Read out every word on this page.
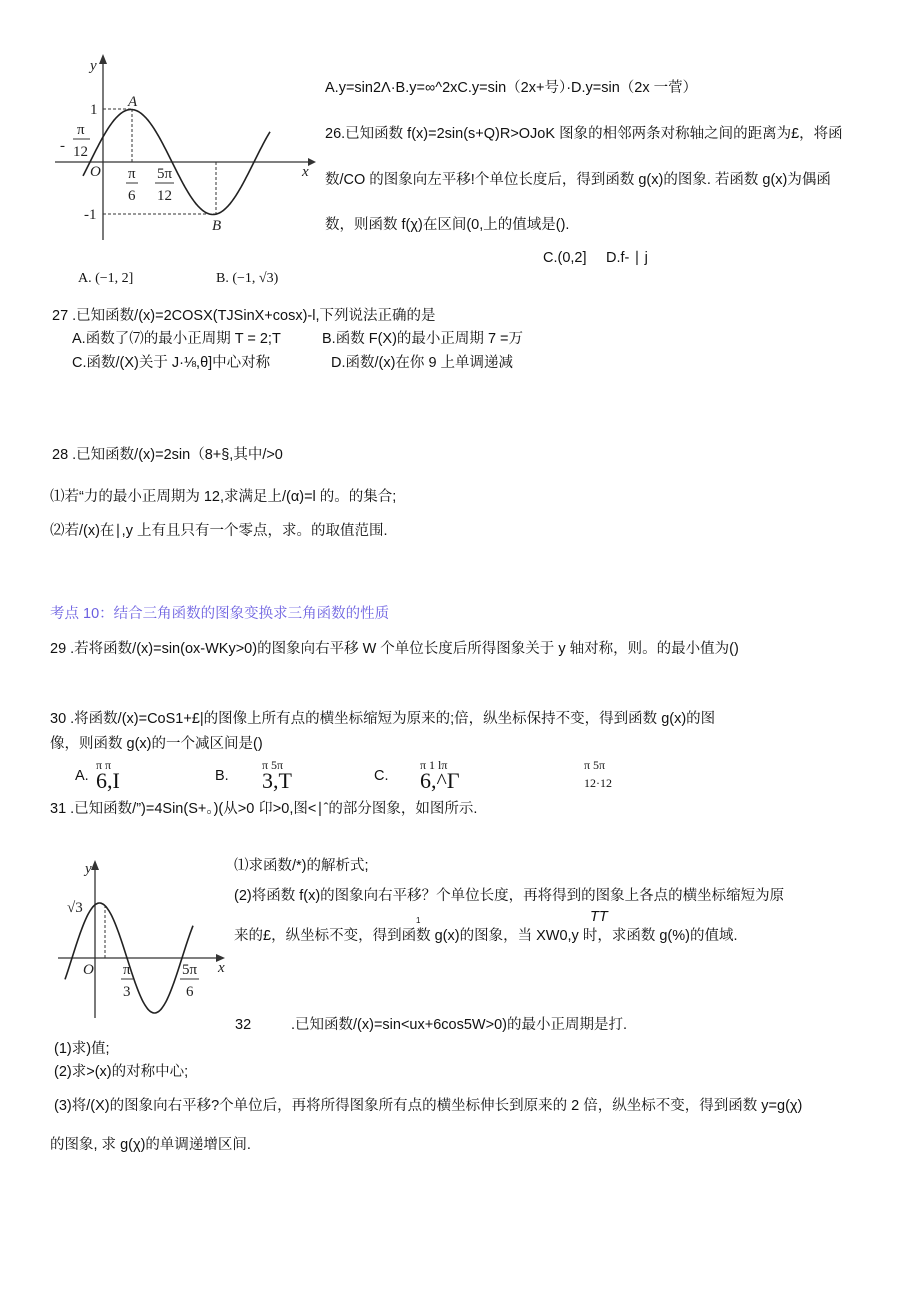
y
x
O
A
B
1
-1
-
π
12
π
6
5π
12
A.y=sin2Λ·B.y=∞^2xC.y=sin（2x+号）·D.y=sin（2x 一菅）
26.已知函数 f(x)=2sin(s+Q)R>OJoK 图象的相邻两条对称轴之间的距离为£，将函
数/CO 的图象向左平移!个单位长度后，得到函数 g(x)的图象. 若函数 g(x)为偶函
数，则函数 f(χ)在区间(0,上的值域是().
A. (−1, 2]	B. (−1, √3)
C.(0,2] D.f- ∣ j
27 .已知函数/(x)=2COSX(TJSinX+cosx)-l,下列说法正确的是
A.函数了⑺的最小正周期 T = 2;T	B.函数 F(X)的最小正周期 7 =万
C.函数/(X)关于 J·⅛,θ]中心对称	D.函数/(x)在你 9 上单调递减
28 .已知函数/(x)=2sin（8+§,其中/>0
⑴若“力的最小正周期为 12,求满足上/(α)=l 的。的集合;
⑵若/(x)在∣,y 上有且只有一个零点，求。的取值范围.
考点 10：结合三角函数的图象变换求三角函数的性质
29 .若将函数/(x)=sin(ox-WKy>0)的图象向右平移 W 个单位长度后所得图象关于 y 轴对称，则。的最小值为()
30 .将函数/(x)=CoS1+£|的图像上所有点的横坐标缩短为原来的;倍，纵坐标保持不变，得到函数 g(x)的图
像，则函数 g(x)的一个减区间是()
A.
π π
6,I	B.
π 5π
3,T	C.
π 1 lπ
6,^Γ
π 5π
12·12
31 .已知函数/”)=4Sin(S+。)(从>0 卬>0,图<∣ˆ的部分图象，如图所示.
y
x
O
√3
π
3
5π
6
⑴求函数/*)的解析式;
(2)将函数 f(x)的图象向右平移？个单位长度，再将得到的图象上各点的横坐标缩短为原
1	TT
来的£，纵坐标不变，得到函数 g(x)的图象，当 XW0,y 时，求函数 g(%)的值域.
32	.已知函数/(x)=sin<ux+6cos5W>0)的最小正周期是打.
(1)求)值;
(2)求>(x)的对称中心;
(3)将/(X)的图象向右平移?个单位后，再将所得图象所有点的横坐标伸长到原来的 2 倍，纵坐标不变，得到函数 y=g(χ)
的图象, 求 g(χ)的单调递增区间.
